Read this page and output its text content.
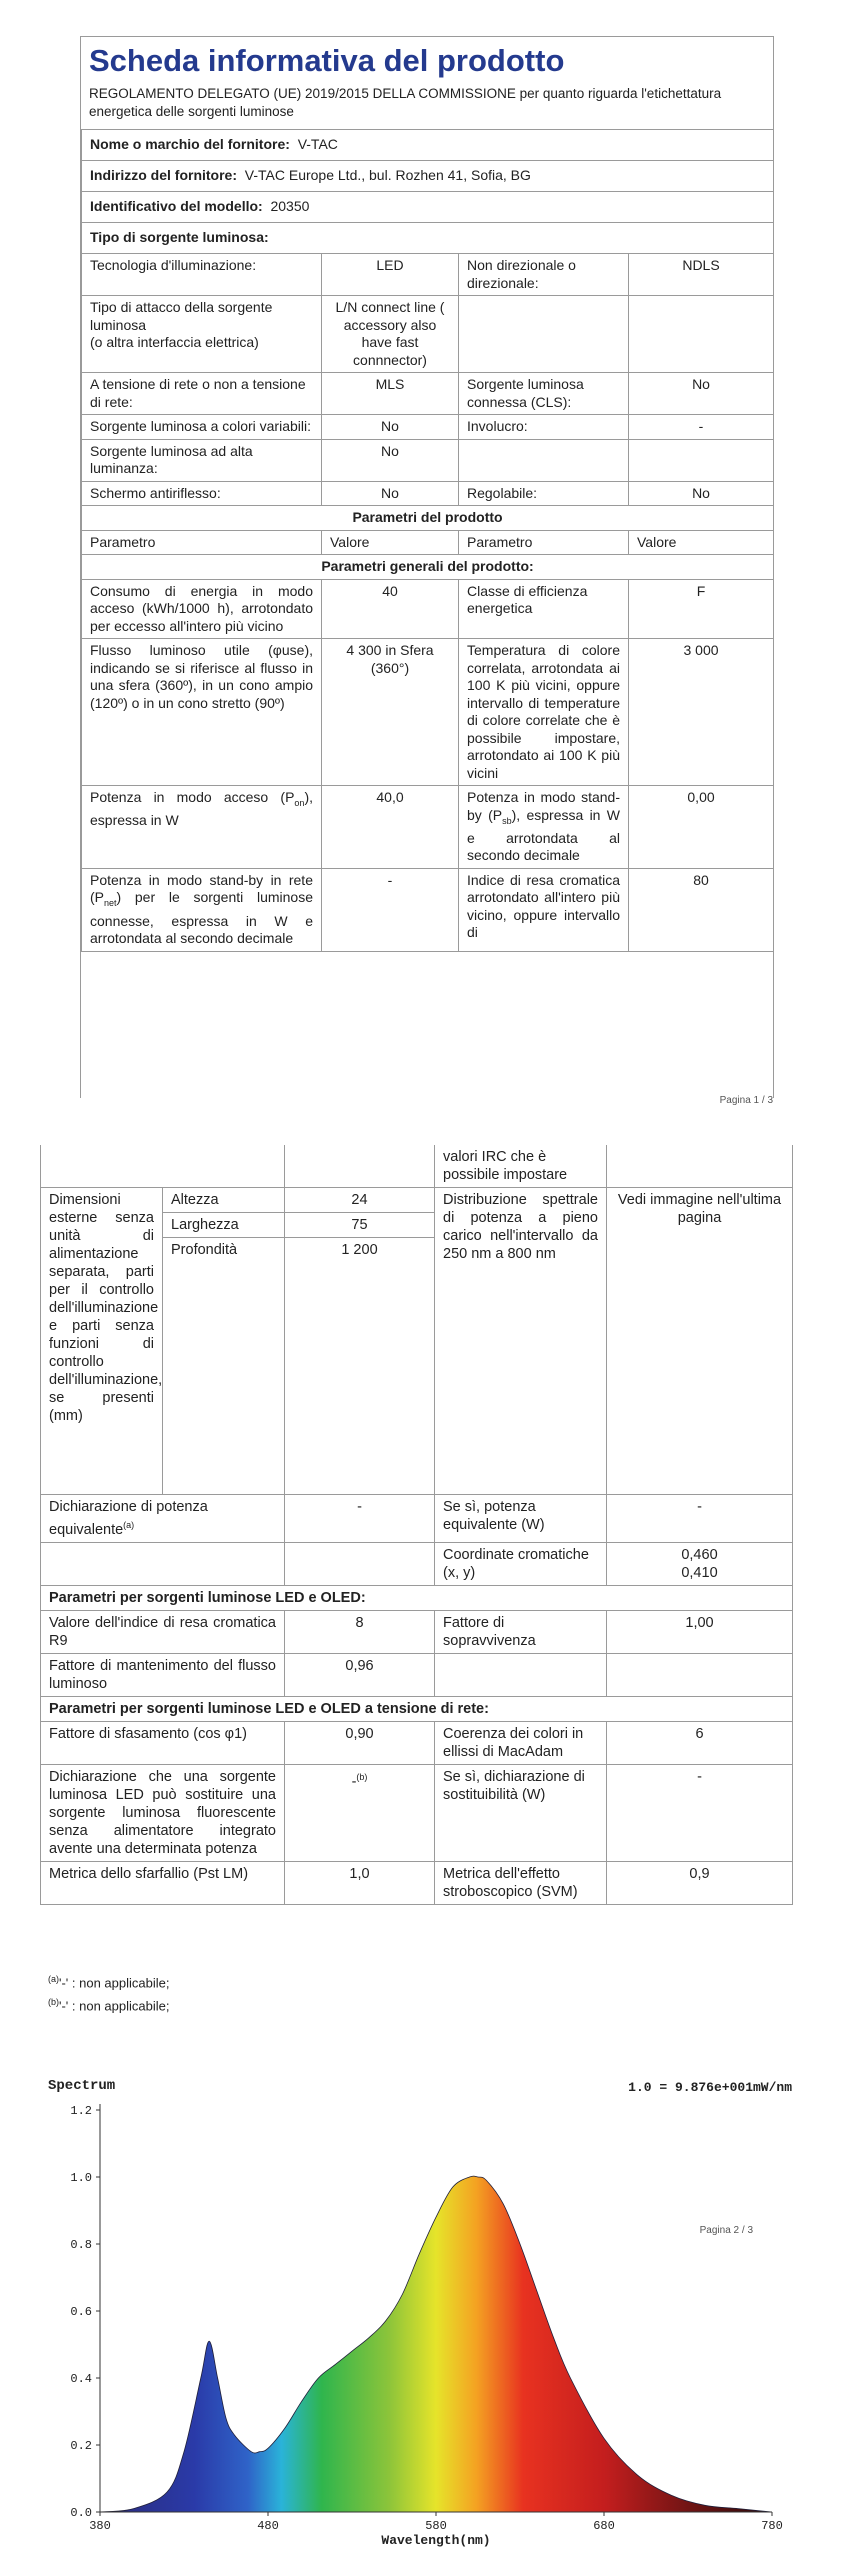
Scheda informativa del prodotto
REGOLAMENTO DELEGATO (UE) 2019/2015 DELLA COMMISSIONE per quanto riguarda l'etichettatura energetica delle sorgenti luminose
Nome o marchio del fornitore: V-TAC			
Indirizzo del fornitore: V-TAC Europe Ltd., bul. Rozhen 41, Sofia, BG			
Identificativo del modello: 20350			
Tipo di sorgente luminosa:			
Tecnologia d'illuminazione:	LED	Non direzionale o direzionale:	NDLS

Tipo di attacco della sorgente luminosa
(o altra interfaccia elettrica)	L/N connect line ( accessory also have fast connnector)		
A tensione di rete o non a tensione di rete:	MLS	Sorgente luminosa connessa (CLS):	No
Sorgente luminosa a colori variabili:	No	Involucro:	-
Sorgente luminosa ad alta luminanza:	No		
Schermo antiriflesso:	No	Regolabile:	No
Parametri del prodotto			
Parametro	Valore	Parametro	Valore
Parametri generali del prodotto:			
Consumo di energia in modo acceso (kWh/1000 h), arrotondato per eccesso all'intero più vicino	40	Classe di efficienza energetica	F
Flusso luminoso utile (φuse), indicando se si riferisce al flusso in una sfera (360º), in un cono ampio (120º) o in un cono stretto (90º)	4 300 in Sfera (360°)	Temperatura di colore correlata, arrotondata ai 100 K più vicini, oppure intervallo di temperature di colore correlate che è possibile impostare, arrotondato ai 100 K più vicini	3 000
Potenza in modo acceso $(P_{on})$, espressa in W	40,0	Potenza in modo stand-by $(P_{sb})$, espressa in W e arrotondata al secondo decimale	0,00
Potenza in modo stand-by in rete $(P_{net})$ per le sorgenti luminose connesse, espressa in W e arrotondata al secondo decimale	-	Indice di resa cromatica arrotondato all'intero più vicino, oppure intervallo di	80
Pagina 1 / 3
			valori IRC che è possibile impostare	
Dimensioni esterne senza unità di alimentazione separata, parti per il controllo dell'illuminazione e parti senza funzioni di controllo dell'illuminazione, se presenti (mm)	Altezza	24	Distribuzione spettrale di potenza a pieno carico nell'intervallo da 250 nm a 800 nm	Vedi immagine nell'ultima pagina
	Larghezza	75		
	Profondità	1 200		
Dichiarazione di potenza equivalente$^{(a)}$		-	Se sì, potenza equivalente (W)	-
			Coordinate cromatiche (x, y)	0,460
0,410

Parametri per sorgenti luminose LED e OLED:				
Valore dell'indice di resa cromatica R9		8	Fattore di sopravvivenza	1,00
Fattore di mantenimento del flusso luminoso		0,96		
Parametri per sorgenti luminose LED e OLED a tensione di rete:				
Fattore di sfasamento (cos φ1)		0,90	Coerenza dei colori in ellissi di MacAdam	6
Dichiarazione che una sorgente luminosa LED può sostituire una sorgente luminosa fluorescente senza alimentatore integrato avente una determinata potenza		-$^{(b)}$	Se sì, dichiarazione di sostituibilità (W)	-
Metrica dello sfarfallio (Pst LM)		1,0	Metrica dell'effetto stroboscopico (SVM)	0,9
$^{(a)}$'-' : non applicabile;
$^{(b)}$'-' : non applicabile;
0.0
0.2
0.4
0.6
0.8
1.0
1.2
380	480	580	680	780
Wavelength(nm)
Spectrum	1.0 = 9.876e+001mW/nm
Pagina 2 / 3
